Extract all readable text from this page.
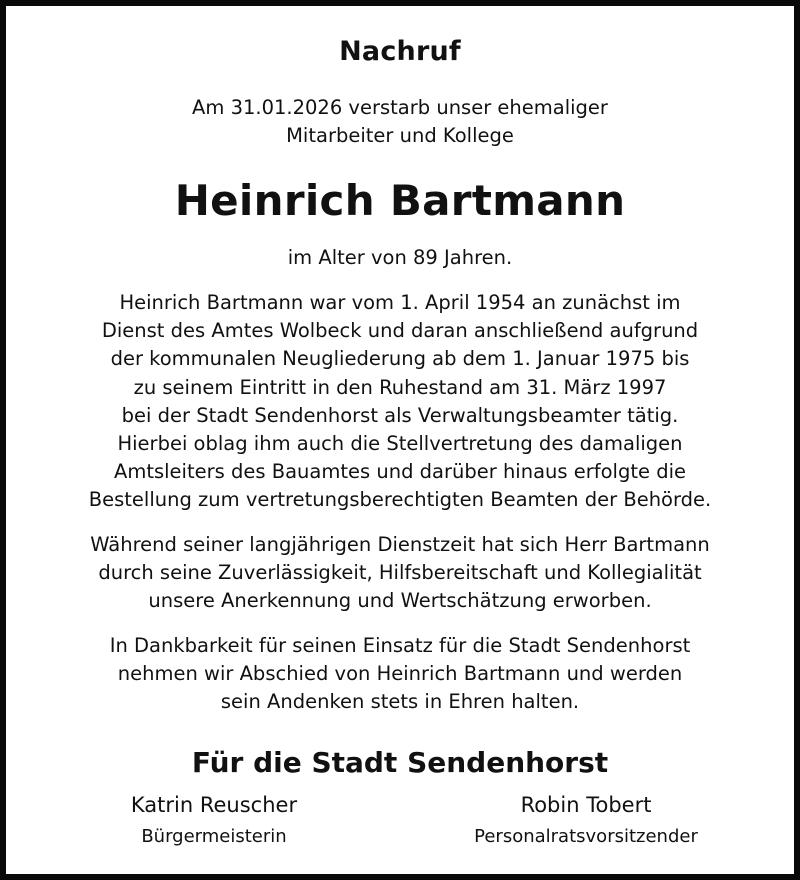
Nachruf
Am 31.01.2026 verstarb unser ehemaliger
Mitarbeiter und Kollege
Heinrich Bartmann
im Alter von 89 Jahren.
Heinrich Bartmann war vom 1. April 1954 an zunächst im
Dienst des Amtes Wolbeck und daran anschließend aufgrund
der kommunalen Neugliederung ab dem 1. Januar 1975 bis
zu seinem Eintritt in den Ruhestand am 31. März 1997
bei der Stadt Sendenhorst als Verwaltungsbeamter tätig.
Hierbei oblag ihm auch die Stellvertretung des damaligen
Amtsleiters des Bauamtes und darüber hinaus erfolgte die
Bestellung zum vertretungsberechtigten Beamten der Behörde.
Während seiner langjährigen Dienstzeit hat sich Herr Bartmann
durch seine Zuverlässigkeit, Hilfsbereitschaft und Kollegialität
unsere Anerkennung und Wertschätzung erworben.
In Dankbarkeit für seinen Einsatz für die Stadt Sendenhorst
nehmen wir Abschied von Heinrich Bartmann und werden
sein Andenken stets in Ehren halten.
Für die Stadt Sendenhorst
Katrin Reuscher
Bürgermeisterin
Robin Tobert
Personalratsvorsitzender
